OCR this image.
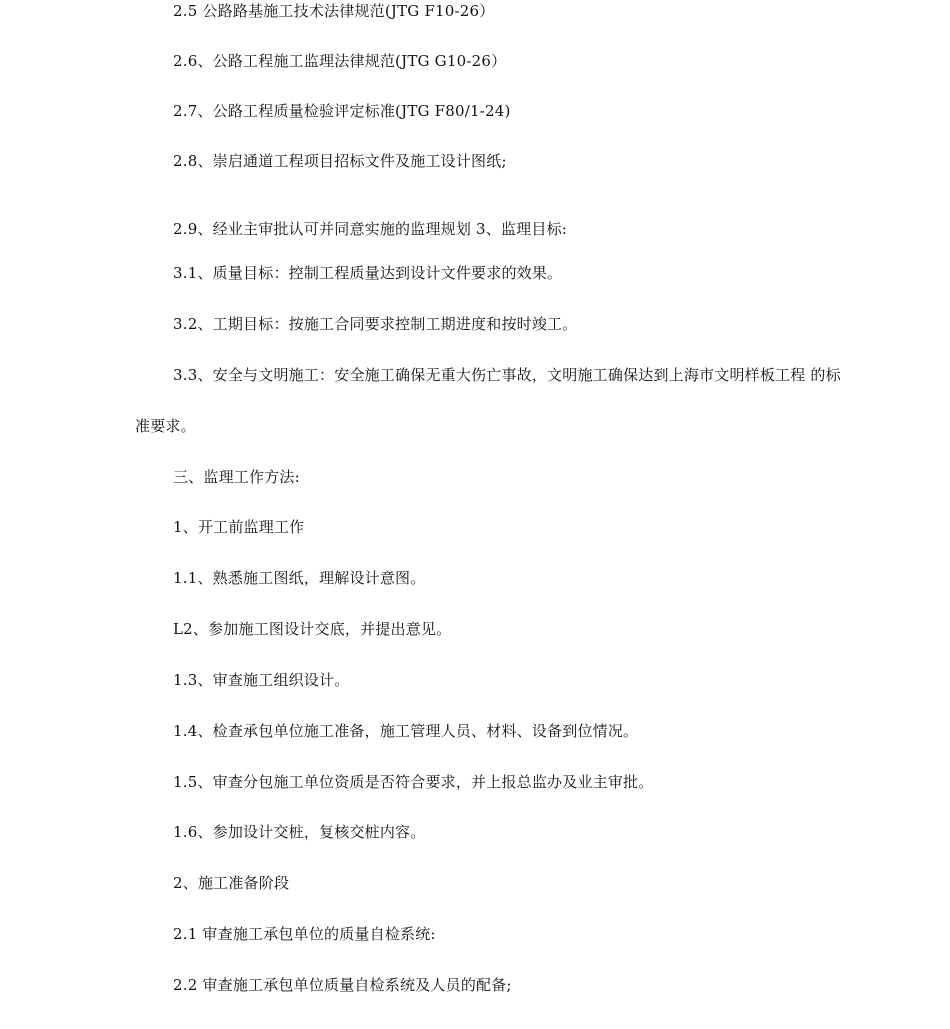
2.5 公路路基施工技术法律规范(JTG F10-26）
2.6、公路工程施工监理法律规范(JTG G10-26）
2.7、公路工程质量检验评定标准(JTG F80/1-24)
2.8、崇启通道工程项目招标文件及施工设计图纸;
2.9、经业主审批认可并同意实施的监理规划 3、监理目标:
3.1、质量目标：控制工程质量达到设计文件要求的效果。
3.2、工期目标：按施工合同要求控制工期进度和按时竣工。
3.3、安全与文明施工：安全施工确保无重大伤亡事故，文明施工确保达到上海市文明样板工程 的标
准要求。
三、监理工作方法:
1、开工前监理工作
1.1、熟悉施工图纸，理解设计意图。
L2、参加施工图设计交底，并提出意见。
1.3、审查施工组织设计。
1.4、检查承包单位施工准备，施工管理人员、材料、设备到位情况。
1.5、审查分包施工单位资质是否符合要求，并上报总监办及业主审批。
1.6、参加设计交桩，复核交桩内容。
2、施工准备阶段
2.1 审查施工承包单位的质量自检系统:
2.2 审查施工承包单位质量自检系统及人员的配备;
